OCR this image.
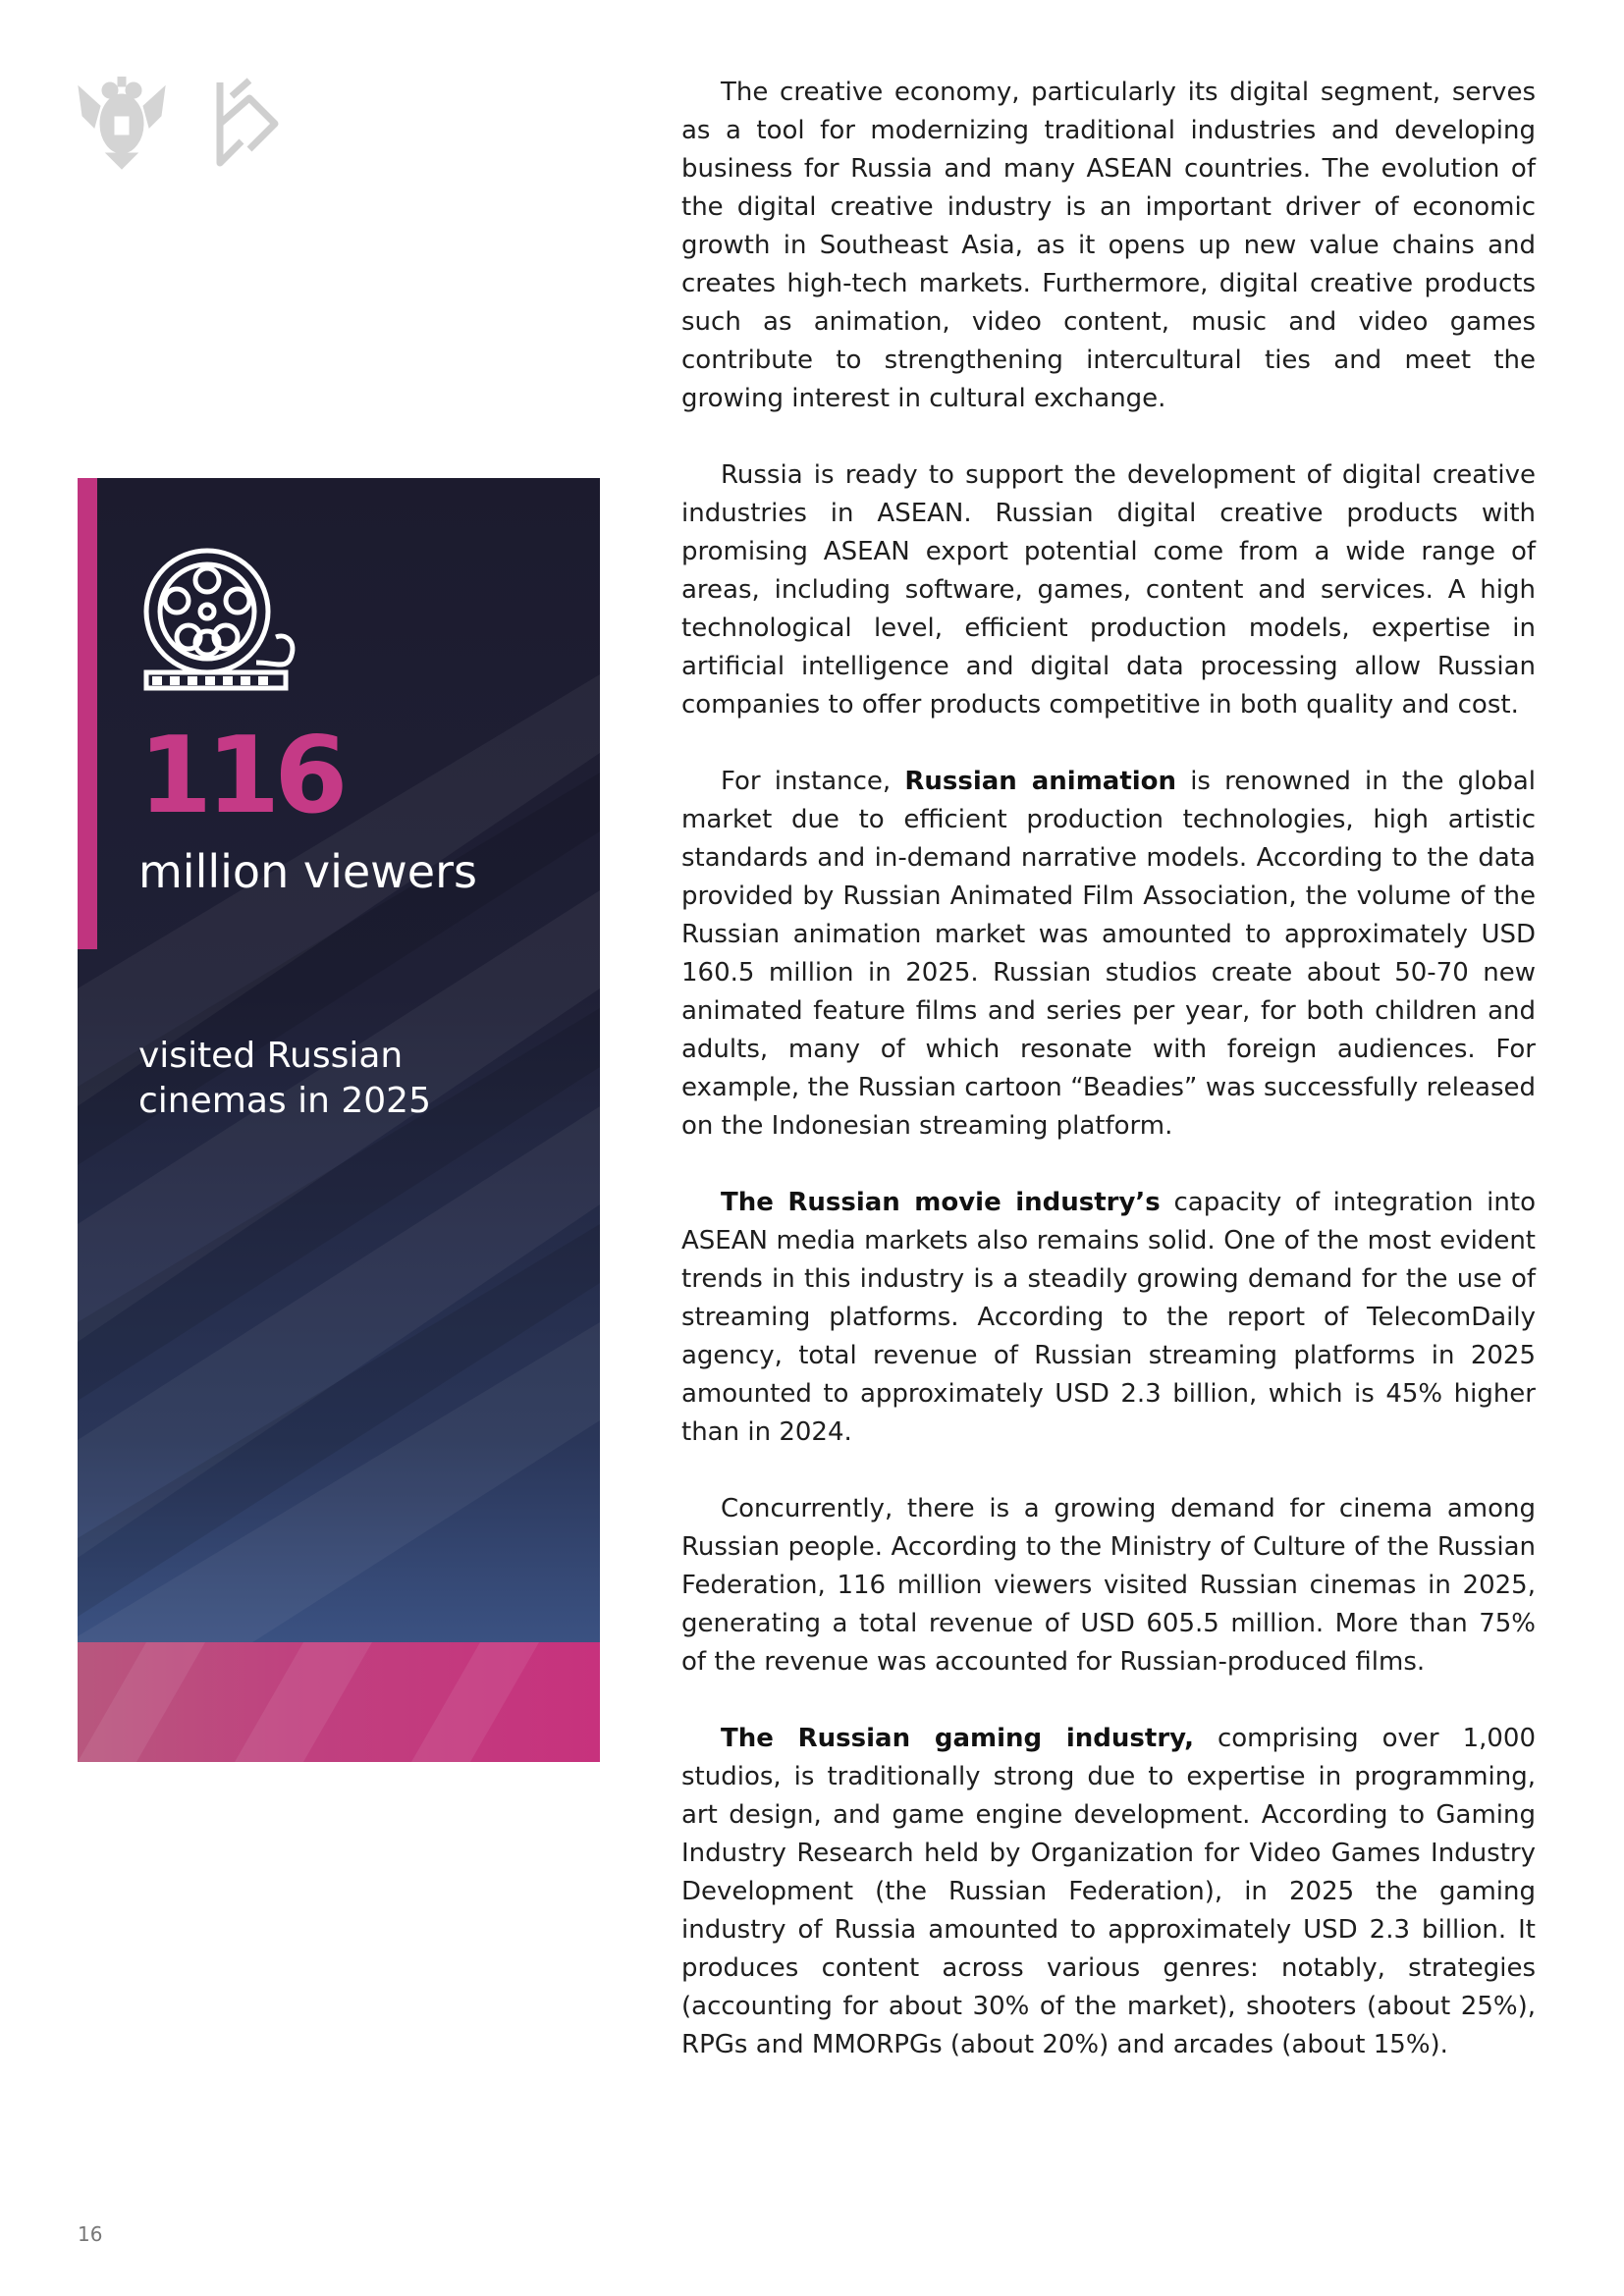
116
million viewers
visited Russian cinemas in 2025

The creative economy, particularly its digital segment, serves as a tool for modernizing traditional industries and developing business for Russia and many ASEAN countries. The evolution of the digital creative industry is an important driver of economic growth in Southeast Asia, as it opens up new value chains and creates high-tech markets. Furthermore, digital creative products such as animation, video content, music and video games contribute to strengthening intercultural ties and meet the growing interest in cultural exchange.

Russia is ready to support the development of digital creative industries in ASEAN. Russian digital creative products with promising ASEAN export potential come from a wide range of areas, including software, games, content and services. A high technological level, efficient production models, expertise in artificial intelligence and digital data processing allow Russian companies to offer products competitive in both quality and cost.

For instance, Russian animation is renowned in the global market due to efficient production technologies, high artistic standards and in-demand narrative models. According to the data provided by Russian Animated Film Association, the volume of the Russian animation market was amounted to approximately USD 160.5 million in 2025. Russian studios create about 50-70 new animated feature films and series per year, for both children and adults, many of which resonate with foreign audiences. For example, the Russian cartoon “Beadies” was successfully released on the Indonesian streaming platform.

The Russian movie industry’s capacity of integration into ASEAN media markets also remains solid. One of the most evident trends in this industry is a steadily growing demand for the use of streaming platforms. According to the report of TelecomDaily agency, total revenue of Russian streaming platforms in 2025 amounted to approximately USD 2.3 billion, which is 45% higher than in 2024.

Concurrently, there is a growing demand for cinema among Russian people. According to the Ministry of Culture of the Russian Federation, 116 million viewers visited Russian cinemas in 2025, generating a total revenue of USD 605.5 million. More than 75% of the revenue was accounted for Russian-produced films.

The Russian gaming industry, comprising over 1,000 studios, is traditionally strong due to expertise in programming, art design, and game engine development. According to Gaming Industry Research held by Organization for Video Games Industry Development (the Russian Federation), in 2025 the gaming industry of Russia amounted to approximately USD 2.3 billion. It produces content across various genres: notably, strategies (accounting for about 30% of the market), shooters (about 25%), RPGs and MMORPGs (about 20%) and arcades (about 15%).

16
